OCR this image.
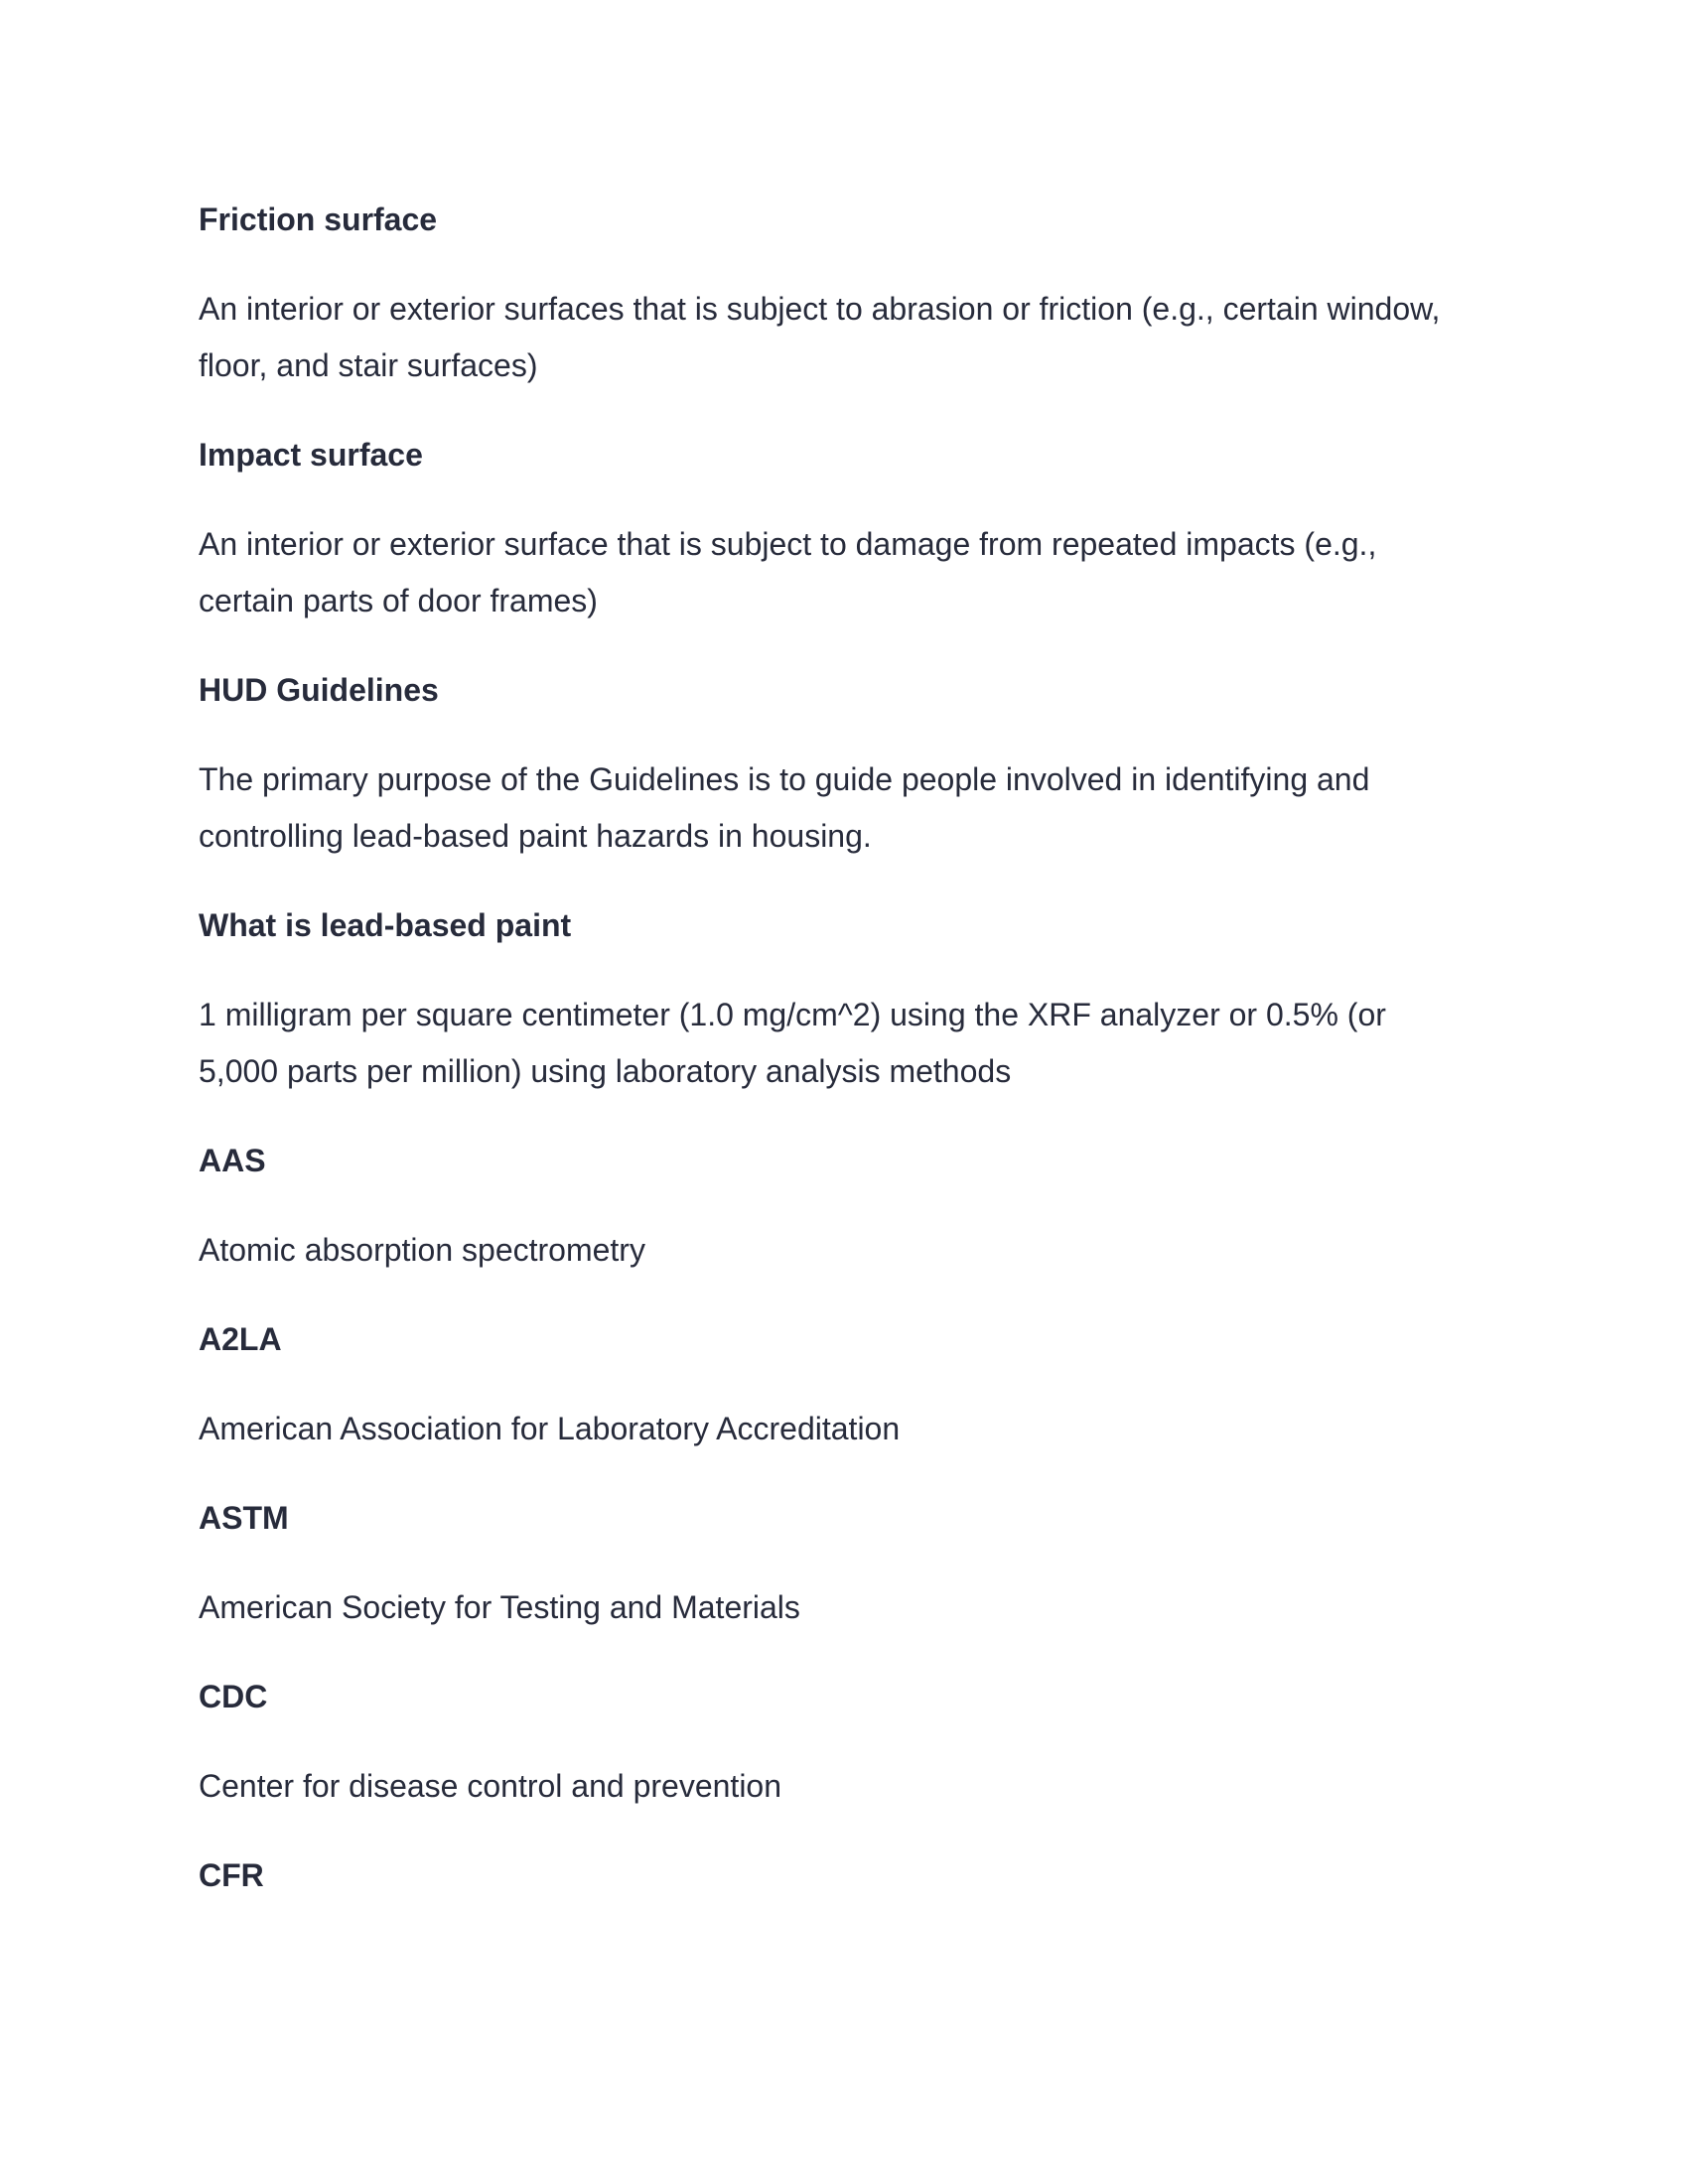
Friction surface
An interior or exterior surfaces that is subject to abrasion or friction (e.g., certain window, floor, and stair surfaces)
Impact surface
An interior or exterior surface that is subject to damage from repeated impacts (e.g., certain parts of door frames)
HUD Guidelines
The primary purpose of the Guidelines is to guide people involved in identifying and controlling lead-based paint hazards in housing.
What is lead-based paint
1 milligram per square centimeter (1.0 mg/cm^2) using the XRF analyzer or 0.5% (or 5,000 parts per million) using laboratory analysis methods
AAS
Atomic absorption spectrometry
A2LA
American Association for Laboratory Accreditation
ASTM
American Society for Testing and Materials
CDC
Center for disease control and prevention
CFR
